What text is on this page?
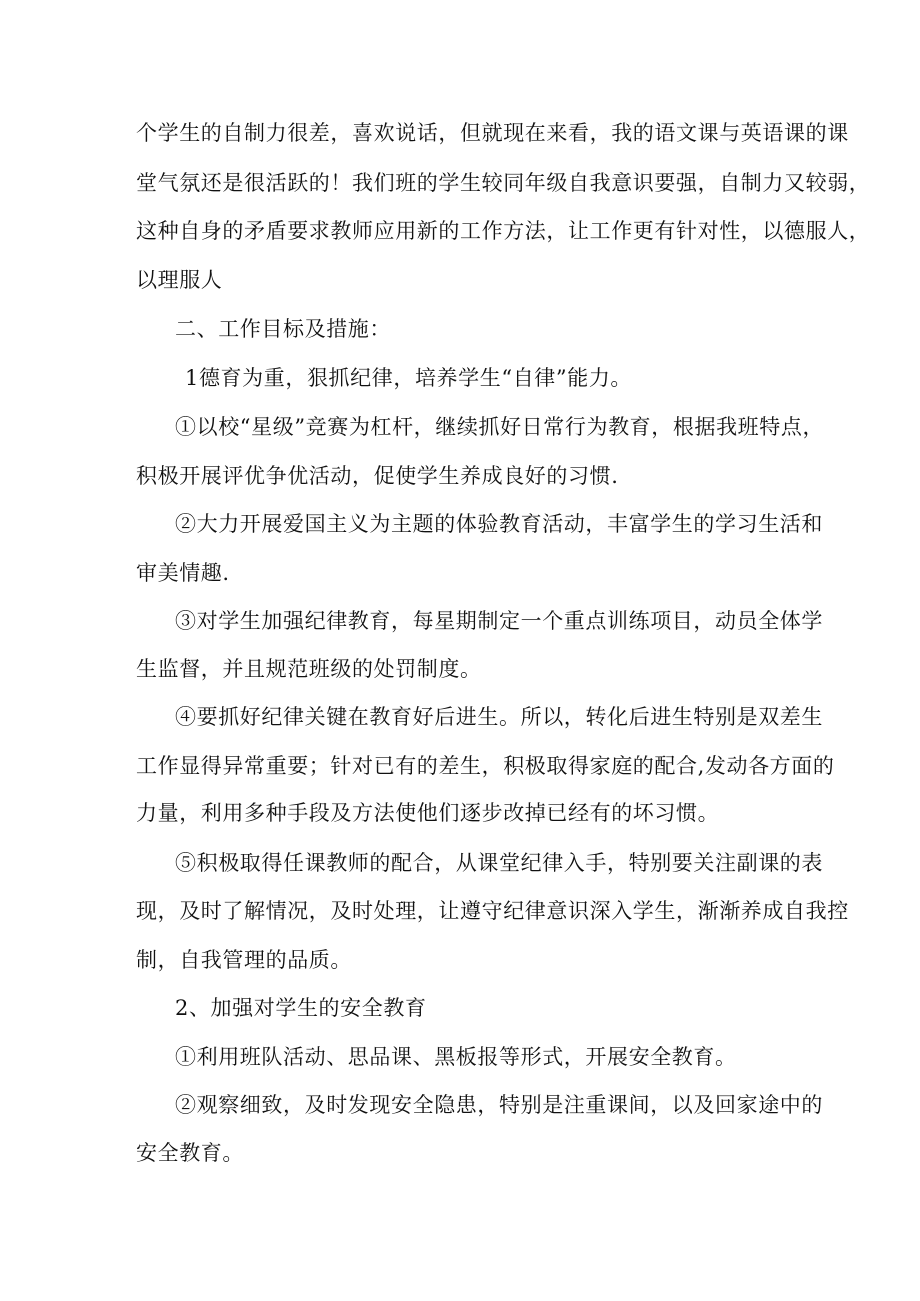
个学生的自制力很差，喜欢说话，但就现在来看，我的语文课与英语课的课
堂气氛还是很活跃的！我们班的学生较同年级自我意识要强，自制力又较弱，
这种自身的矛盾要求教师应用新的工作方法，让工作更有针对性，以德服人，
以理服人
二、工作目标及措施：
1德育为重，狠抓纪律，培养学生“自律”能力。
①以校“星级”竞赛为杠杆，继续抓好日常行为教育，根据我班特点，
积极开展评优争优活动，促使学生养成良好的习惯.
②大力开展爱国主义为主题的体验教育活动，丰富学生的学习生活和
审美情趣.
③对学生加强纪律教育，每星期制定一个重点训练项目，动员全体学
生监督，并且规范班级的处罚制度。
④要抓好纪律关键在教育好后进生。所以，转化后进生特别是双差生
工作显得异常重要；针对已有的差生，积极取得家庭的配合,发动各方面的
力量，利用多种手段及方法使他们逐步改掉已经有的坏习惯。
⑤积极取得任课教师的配合，从课堂纪律入手，特别要关注副课的表
现，及时了解情况，及时处理，让遵守纪律意识深入学生，渐渐养成自我控
制，自我管理的品质。
2、加强对学生的安全教育
①利用班队活动、思品课、黑板报等形式，开展安全教育。
②观察细致，及时发现安全隐患，特别是注重课间，以及回家途中的
安全教育。
